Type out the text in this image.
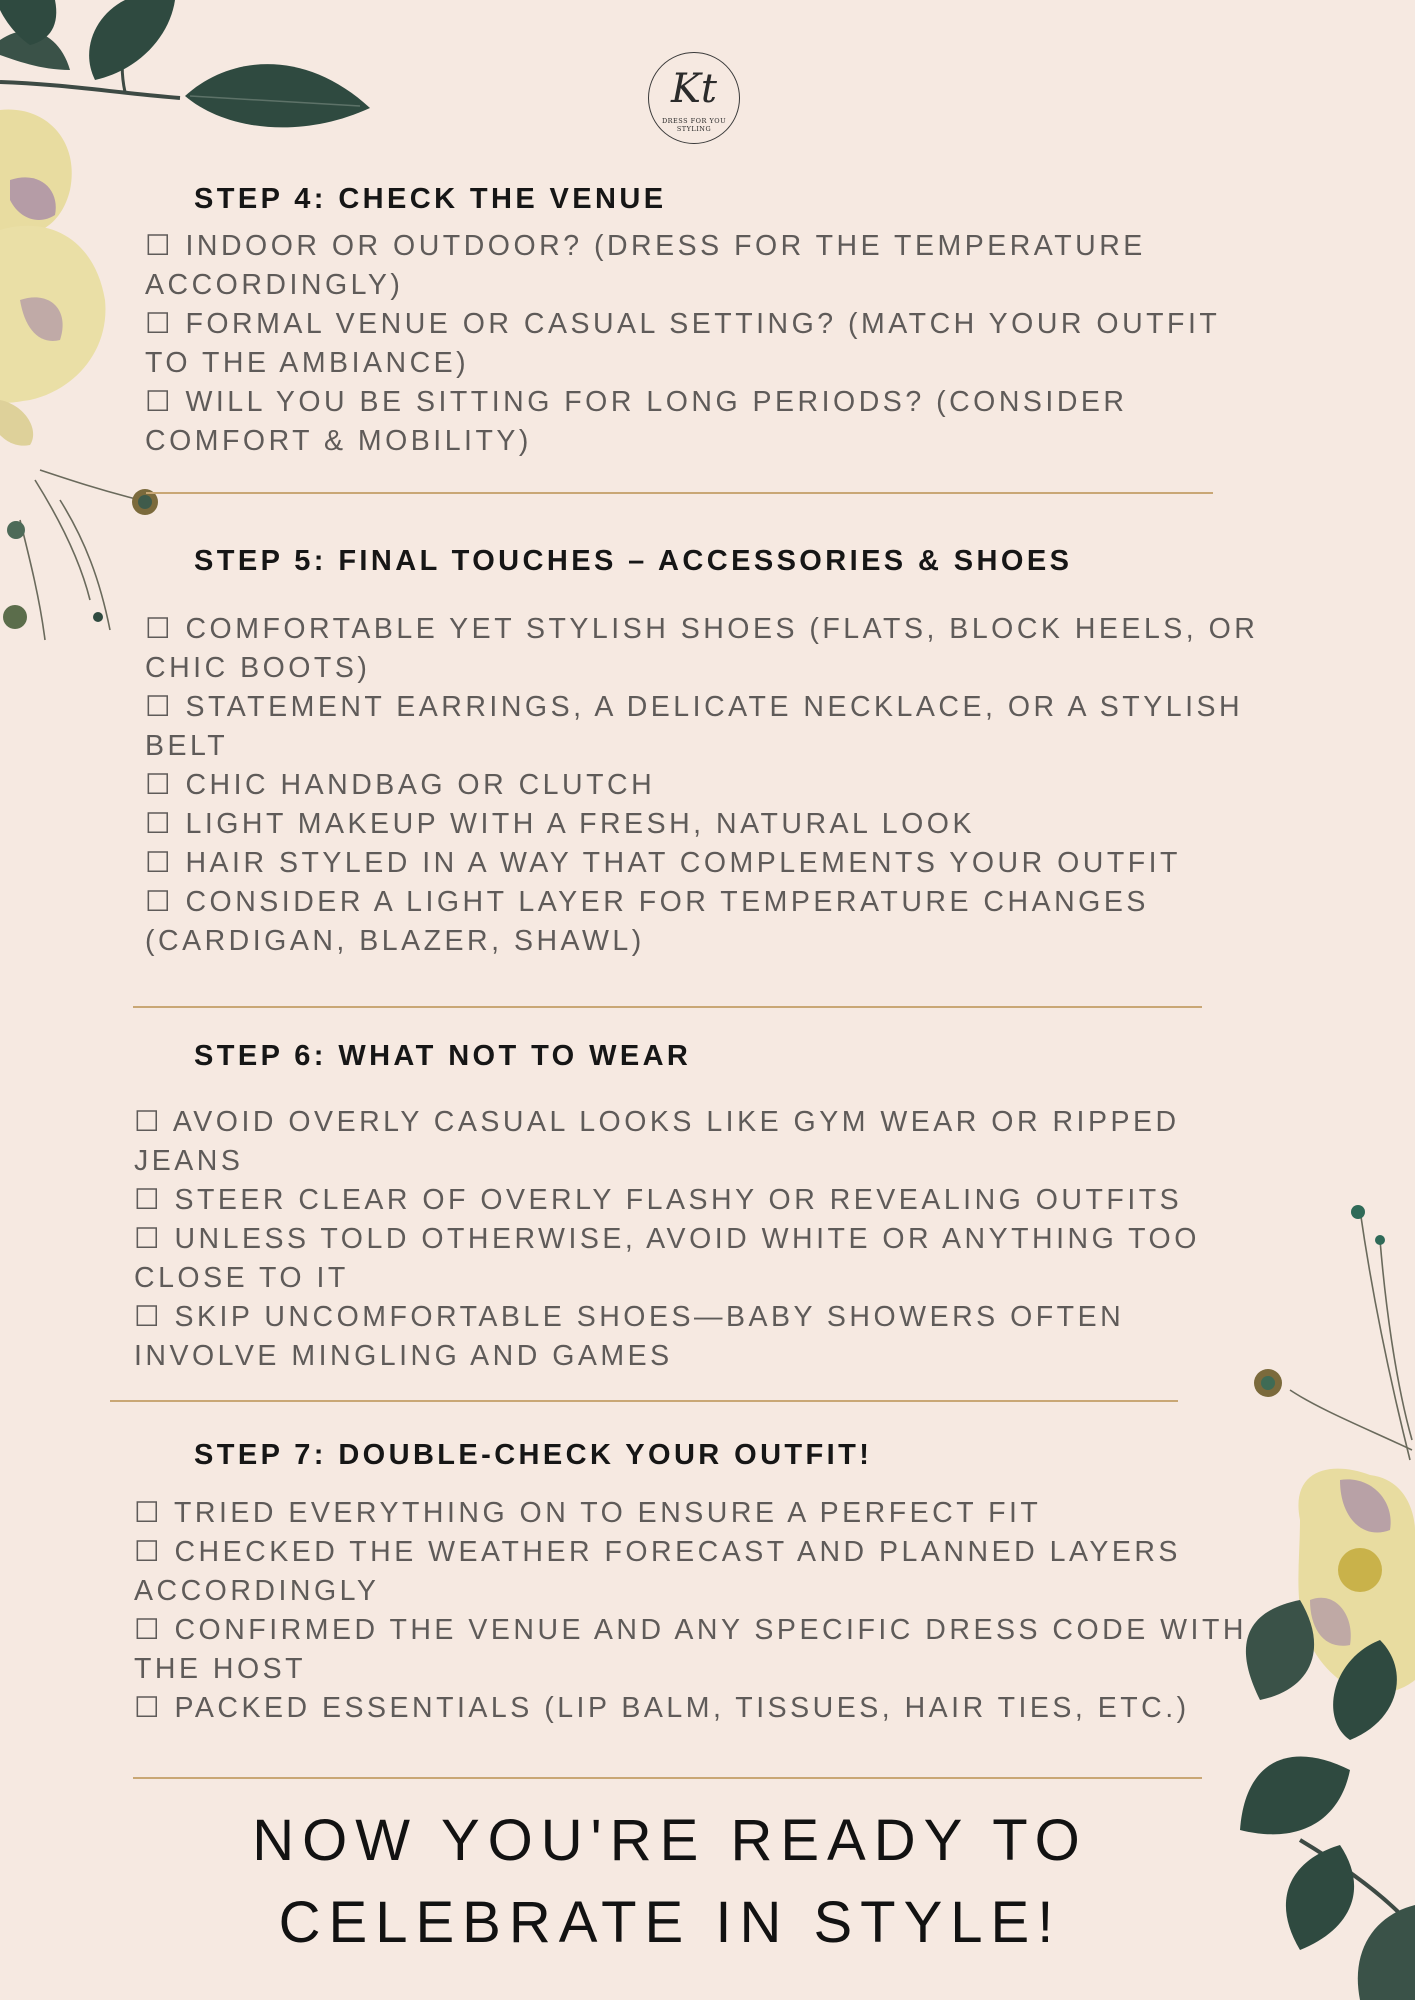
Kt
DRESS FOR YOU STYLING
STEP 4: CHECK THE VENUE
☐ INDOOR OR OUTDOOR? (DRESS FOR THE TEMPERATURE ACCORDINGLY)
☐ FORMAL VENUE OR CASUAL SETTING? (MATCH YOUR OUTFIT TO THE AMBIANCE)
☐ WILL YOU BE SITTING FOR LONG PERIODS? (CONSIDER COMFORT & MOBILITY)
STEP 5: FINAL TOUCHES – ACCESSORIES & SHOES
☐ COMFORTABLE YET STYLISH SHOES (FLATS, BLOCK HEELS, OR CHIC BOOTS)
☐ STATEMENT EARRINGS, A DELICATE NECKLACE, OR A STYLISH BELT
☐ CHIC HANDBAG OR CLUTCH
☐ LIGHT MAKEUP WITH A FRESH, NATURAL LOOK
☐ HAIR STYLED IN A WAY THAT COMPLEMENTS YOUR OUTFIT
☐ CONSIDER A LIGHT LAYER FOR TEMPERATURE CHANGES (CARDIGAN, BLAZER, SHAWL)
STEP 6: WHAT NOT TO WEAR
☐ AVOID OVERLY CASUAL LOOKS LIKE GYM WEAR OR RIPPED JEANS
☐ STEER CLEAR OF OVERLY FLASHY OR REVEALING OUTFITS
☐ UNLESS TOLD OTHERWISE, AVOID WHITE OR ANYTHING TOO CLOSE TO IT
☐ SKIP UNCOMFORTABLE SHOES—BABY SHOWERS OFTEN INVOLVE MINGLING AND GAMES
STEP 7: DOUBLE-CHECK YOUR OUTFIT!
☐ TRIED EVERYTHING ON TO ENSURE A PERFECT FIT
☐ CHECKED THE WEATHER FORECAST AND PLANNED LAYERS ACCORDINGLY
☐ CONFIRMED THE VENUE AND ANY SPECIFIC DRESS CODE WITH THE HOST
☐ PACKED ESSENTIALS (LIP BALM, TISSUES, HAIR TIES, ETC.)
NOW YOU'RE READY TO
CELEBRATE IN STYLE!
